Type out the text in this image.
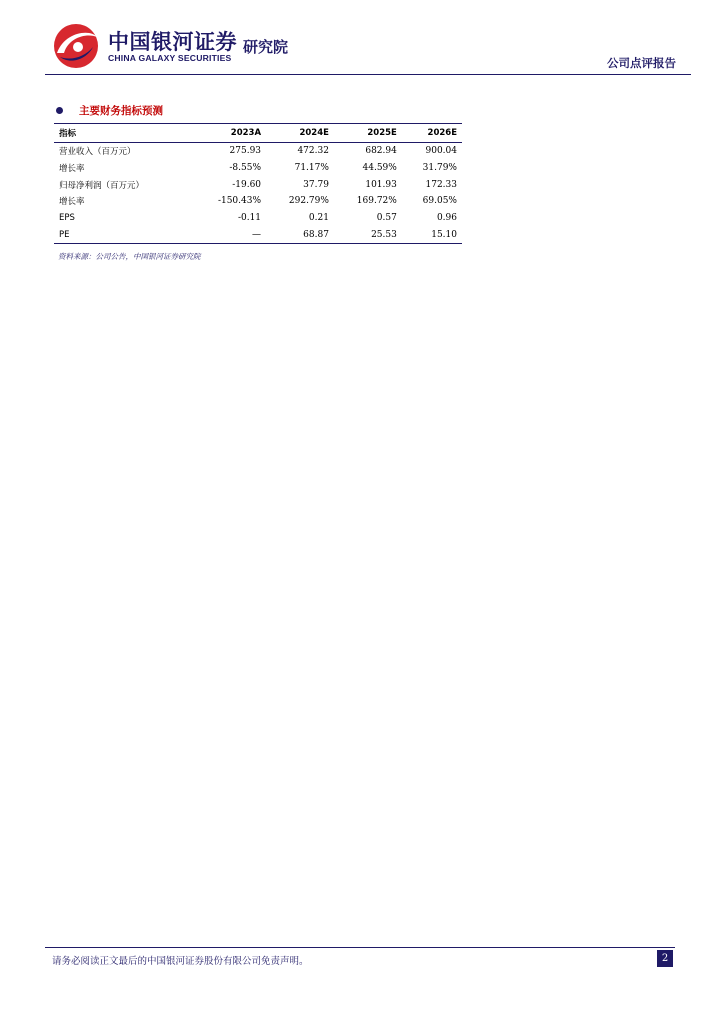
中国银河证券
CHINA GALAXY SECURITIES
研究院
公司点评报告
主要财务指标预测
指标	2023A	2024E	2025E	2026E
营业收入（百万元）	275.93	472.32	682.94	900.04
增长率	-8.55%	71.17%	44.59%	31.79%
归母净利润（百万元）	-19.60	37.79	101.93	172.33
增长率	-150.43%	292.79%	169.72%	69.05%
EPS	-0.11	0.21	0.57	0.96
PE	—	68.87	25.53	15.10
资料来源：公司公告，中国银河证券研究院
请务必阅读正文最后的中国银河证券股份有限公司免责声明。	2
